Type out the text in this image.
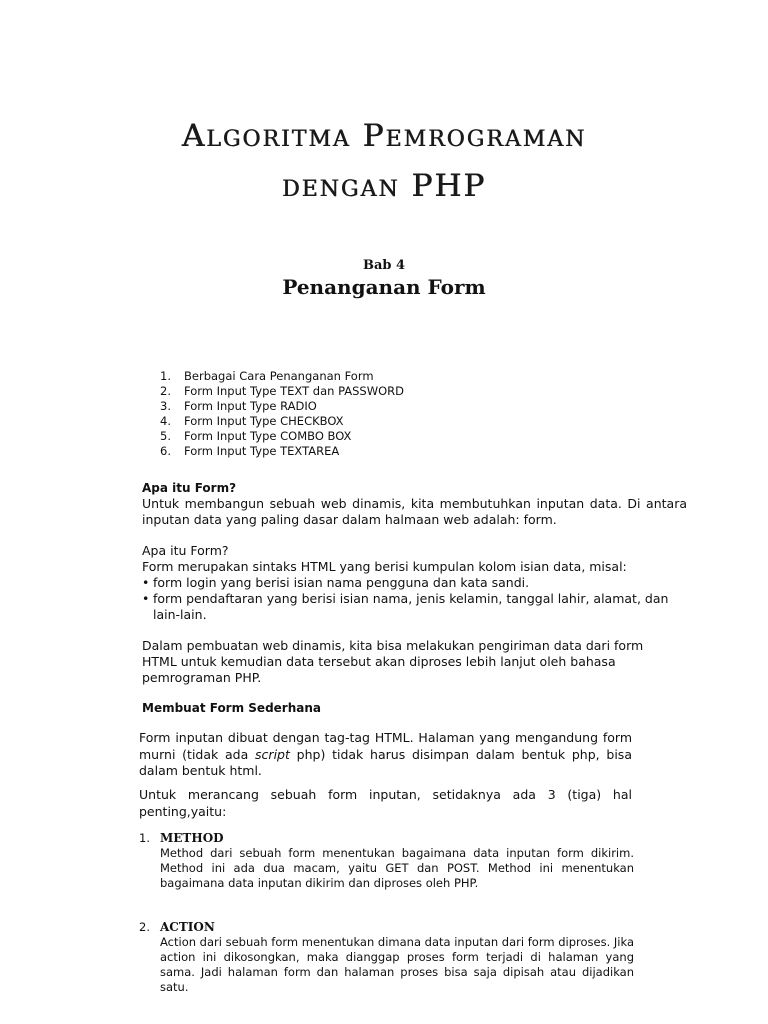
Algoritma Pemrograman
dengan PHP
Bab 4
Penanganan Form
1.	Berbagai Cara Penanganan Form
2.	Form Input Type TEXT dan PASSWORD
3.	Form Input Type RADIO
4.	Form Input Type CHECKBOX
5.	Form Input Type COMBO BOX
6.	Form Input Type TEXTAREA
Apa itu Form?
Untuk membangun sebuah web dinamis, kita membutuhkan inputan data. Di antara inputan data yang paling dasar dalam halmaan web adalah: form.
Apa itu Form?
Form merupakan sintaks HTML yang berisi kumpulan kolom isian data, misal:
• form login yang berisi isian nama pengguna dan kata sandi.
• form pendaftaran yang berisi isian nama, jenis kelamin, tanggal lahir, alamat, dan lain-lain.
Dalam pembuatan web dinamis, kita bisa melakukan pengiriman data dari form HTML untuk kemudian data tersebut akan diproses lebih lanjut oleh bahasa pemrograman PHP.
Membuat Form Sederhana
Form inputan dibuat dengan tag-tag HTML. Halaman yang mengandung form murni (tidak ada script php) tidak harus disimpan dalam bentuk php, bisa dalam bentuk html.
Untuk merancang sebuah form inputan, setidaknya ada 3 (tiga) hal penting,yaitu:
1. METHOD
Method dari sebuah form menentukan bagaimana data inputan form dikirim. Method ini ada dua macam, yaitu GET dan POST. Method ini menentukan bagaimana data inputan dikirim dan diproses oleh PHP.
2. ACTION
Action dari sebuah form menentukan dimana data inputan dari form diproses. Jika action ini dikosongkan, maka dianggap proses form terjadi di halaman yang sama. Jadi halaman form dan halaman proses bisa saja dipisah atau dijadikan satu.
